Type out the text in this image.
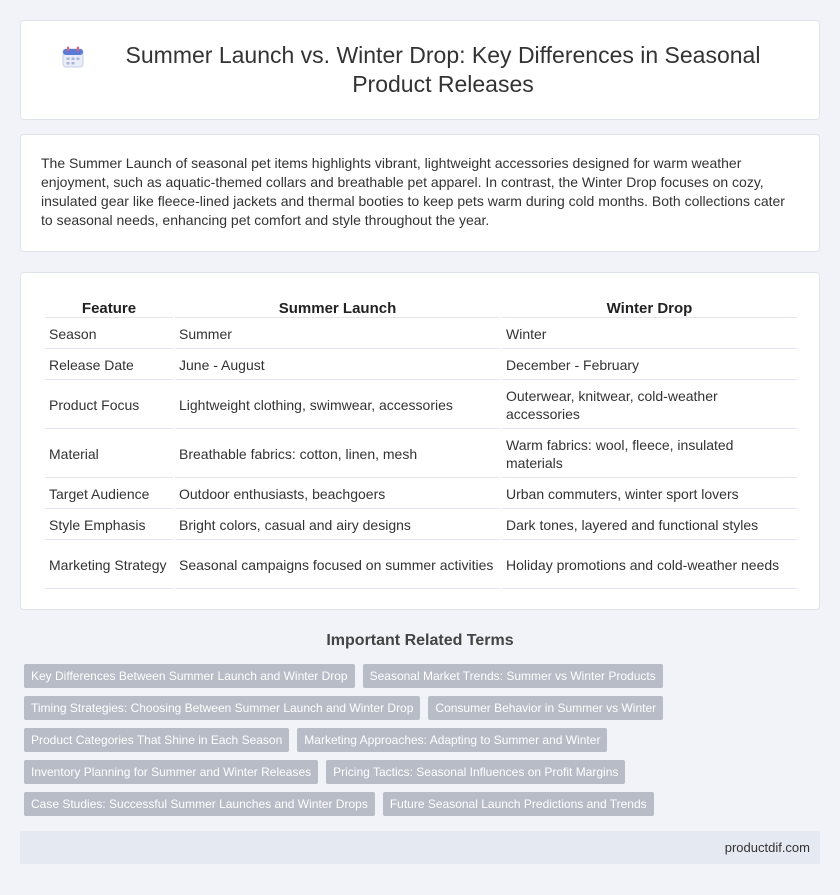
Summer Launch vs. Winter Drop: Key Differences in Seasonal Product Releases

The Summer Launch of seasonal pet items highlights vibrant, lightweight accessories designed for warm weather enjoyment, such as aquatic-themed collars and breathable pet apparel. In contrast, the Winter Drop focuses on cozy, insulated gear like fleece-lined jackets and thermal booties to keep pets warm during cold months. Both collections cater to seasonal needs, enhancing pet comfort and style throughout the year.

Feature	Summer Launch	Winter Drop
Season	Summer	Winter
Release Date	June - August	December - February
Product Focus	Lightweight clothing, swimwear, accessories	Outerwear, knitwear, cold-weather accessories
Material	Breathable fabrics: cotton, linen, mesh	Warm fabrics: wool, fleece, insulated materials
Target Audience	Outdoor enthusiasts, beachgoers	Urban commuters, winter sport lovers
Style Emphasis	Bright colors, casual and airy designs	Dark tones, layered and functional styles
Marketing Strategy	Seasonal campaigns focused on summer activities	Holiday promotions and cold-weather needs
Important Related Terms
Key Differences Between Summer Launch and Winter Drop	Seasonal Market Trends: Summer vs Winter Products
Timing Strategies: Choosing Between Summer Launch and Winter Drop	Consumer Behavior in Summer vs Winter
Product Categories That Shine in Each Season	Marketing Approaches: Adapting to Summer and Winter
Inventory Planning for Summer and Winter Releases	Pricing Tactics: Seasonal Influences on Profit Margins
Case Studies: Successful Summer Launches and Winter Drops	Future Seasonal Launch Predictions and Trends
productdif.com
